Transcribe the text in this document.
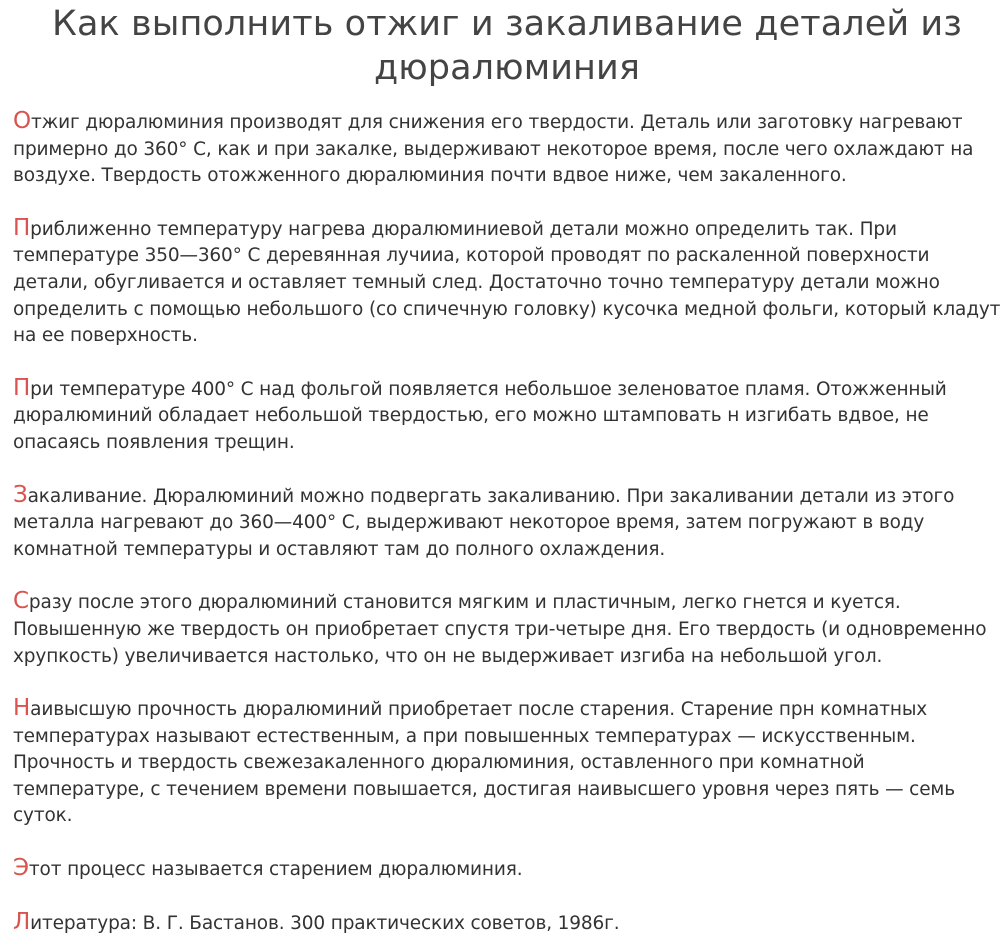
Как выполнить отжиг и закаливание деталей из дюралюминия

Отжиг дюралюминия производят для снижения его твердости. Деталь или заготовку нагревают примерно до 360° С, как и при закалке, выдерживают некоторое время, после чего охлаждают на воздухе. Твердость отожженного дюралюминия почти вдвое ниже, чем закаленного.

Приближенно температуру нагрева дюралюминиевой детали можно определить так. При температуре 350—360° С деревянная лучииа, которой проводят по раскаленной поверхности детали, обугливается и оставляет темный след. Достаточно точно температуру детали можно определить с помощью небольшого (со спичечную головку) кусочка медной фольги, который кладут на ее поверхность.

При температуре 400° С над фольгой появляется небольшое зеленоватое пламя. Отожженный дюралюминий обладает небольшой твердостью, его можно штамповать н изгибать вдвое, не опасаясь появления трещин.

Закаливание. Дюралюминий можно подвергать закаливанию. При закаливании детали из этого металла нагревают до 360—400° С, выдерживают некоторое время, затем погружают в воду комнатной температуры и оставляют там до полного охлаждения.

Сразу после этого дюралюминий становится мягким и пластичным, легко гнется и куется. Повышенную же твердость он приобретает спустя три-четыре дня. Его твердость (и одновременно хрупкость) увеличивается настолько, что он не выдерживает изгиба на небольшой угол.

Наивысшую прочность дюралюминий приобретает после старения. Старение прн комнатных температурах называют естественным, а при повышенных температурах — искусственным. Прочность и твердость свежезакаленного дюралюминия, оставленного при комнатной температуре, с течением времени повышается, достигая наивысшего уровня через пять — семь суток.

Этот процесс называется старением дюралюминия.

Литература: В. Г. Бастанов. 300 практических советов, 1986г.
